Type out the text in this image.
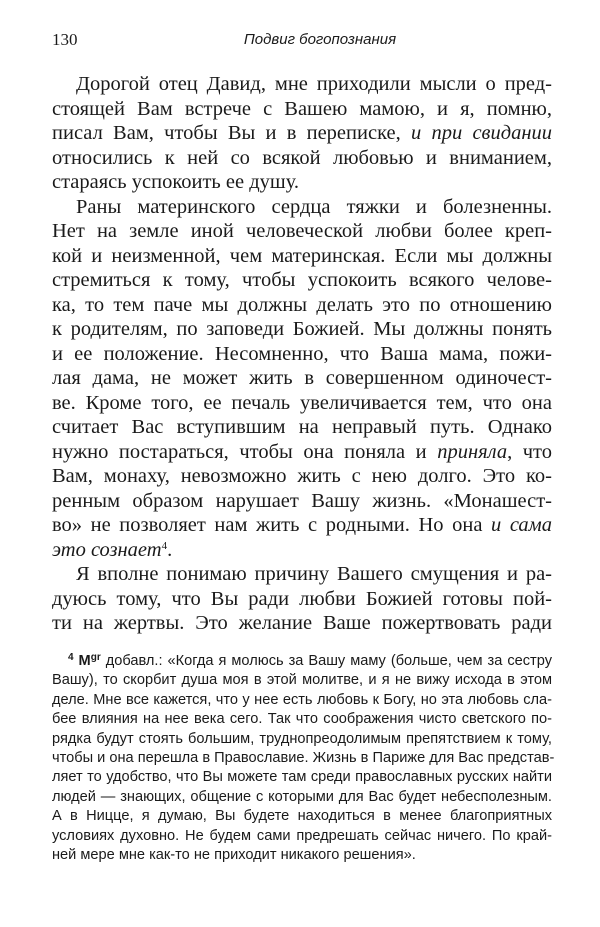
130	Подвиг богопознания
Дорогой отец Давид, мне приходили мысли о пред-
стоящей Вам встрече с Вашею мамою, и я, помню,
писал Вам, чтобы Вы и в переписке, и при свидании
относились к ней со всякой любовью и вниманием,
стараясь успокоить ее душу.
Раны материнского сердца тяжки и болезненны.
Нет на земле иной человеческой любви более креп-
кой и неизменной, чем материнская. Если мы должны
стремиться к тому, чтобы успокоить всякого челове-
ка, то тем паче мы должны делать это по отношению
к родителям, по заповеди Божией. Мы должны понять
и ее положение. Несомненно, что Ваша мама, пожи-
лая дама, не может жить в совершенном одиночест-
ве. Кроме того, ее печаль увеличивается тем, что она
считает Вас вступившим на неправый путь. Однако
нужно постараться, чтобы она поняла и приняла, что
Вам, монаху, невозможно жить с нею долго. Это ко-
ренным образом нарушает Вашу жизнь. «Монашест-
во» не позволяет нам жить с родными. Но она и сама
это сознает$^4$.
Я вполне понимаю причину Вашего смущения и ра-
дуюсь тому, что Вы ради любви Божией готовы пой-
ти на жертвы. Это желание Ваше пожертвовать ради
$^4$ M$^{gr}$ добавл.: «Когда я молюсь за Вашу маму (больше, чем за сестру
Вашу), то скорбит душа моя в этой молитве, и я не вижу исхода в этом
деле. Мне все кажется, что у нее есть любовь к Богу, но эта любовь сла-
бее влияния на нее века сего. Так что соображения чисто светского по-
рядка будут стоять большим, труднопреодолимым препятствием к тому,
чтобы и она перешла в Православие. Жизнь в Париже для Вас представ-
ляет то удобство, что Вы можете там среди православных русских найти
людей — знающих, общение с которыми для Вас будет небесполезным.
А в Ницце, я думаю, Вы будете находиться в менее благоприятных
условиях духовно. Не будем сами предрешать сейчас ничего. По край-
ней мере мне как-то не приходит никакого решения».
